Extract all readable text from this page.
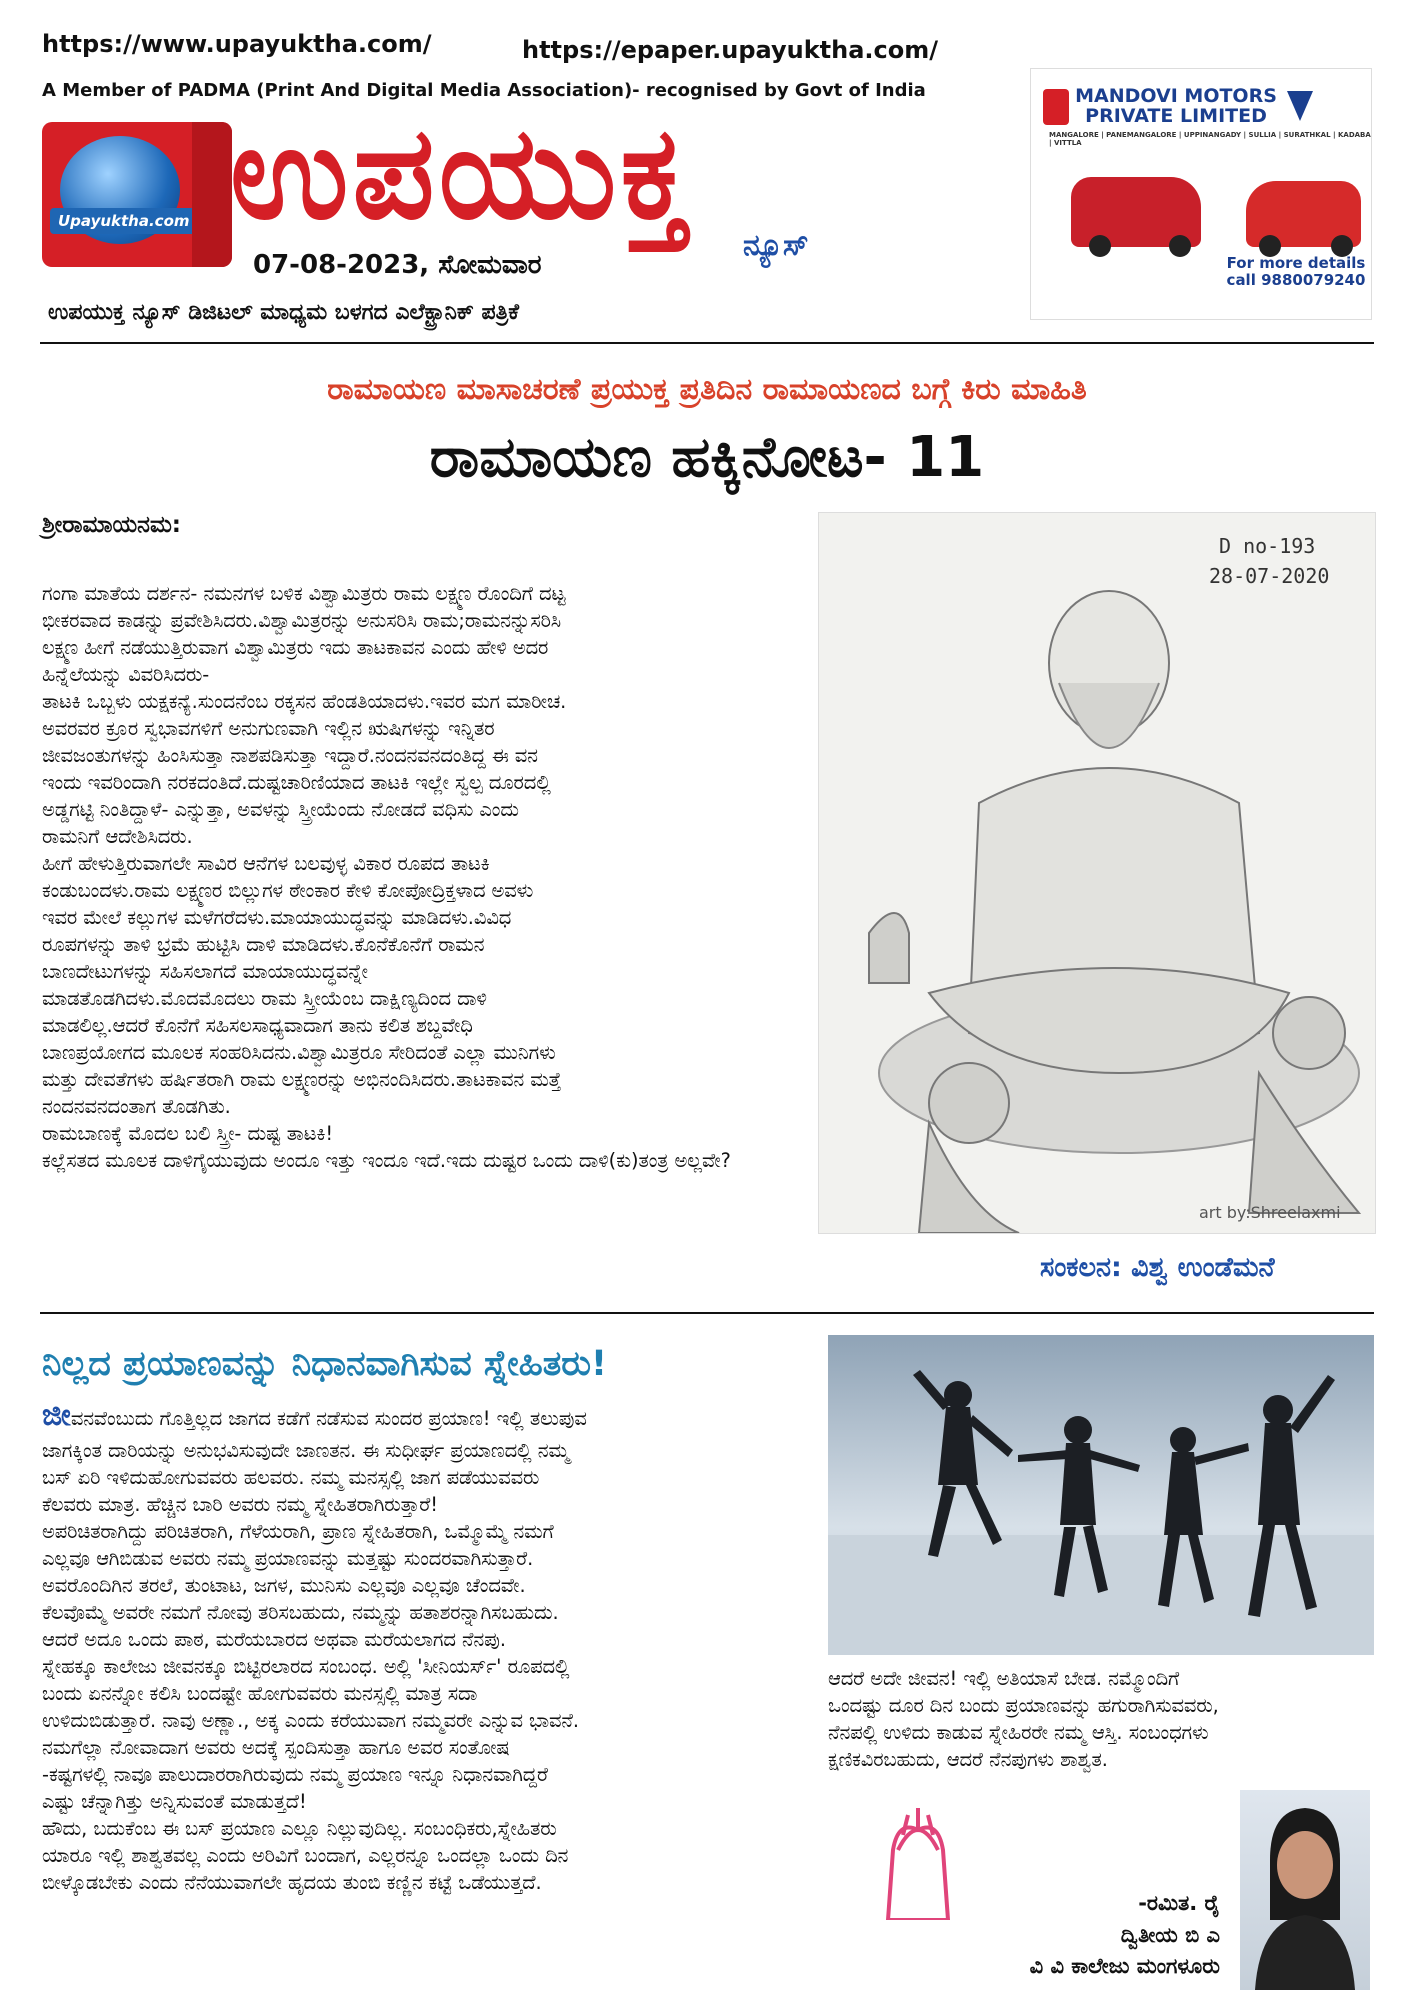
https://www.upayuktha.com/	https://epaper.upayuktha.com/
A Member of PADMA (Print And Digital Media Association)- recognised by Govt of India
Upayuktha.com ಉಪಯುಕ್ತ ನ್ಯೂಸ್
07-08-2023, ಸೋಮವಾರ
ಉಪಯುಕ್ತ ನ್ಯೂಸ್ ಡಿಜಿಟಲ್ ಮಾಧ್ಯಮ ಬಳಗದ ಎಲೆಕ್ಟ್ರಾನಿಕ್ ಪತ್ರಿಕೆ
MANDOVI MOTORS PRIVATE LIMITED
MANGALORE | PANEMANGALORE | UPPINANGADY | SULLIA | SURATHKAL | KADABA | VITTLA
For more details call 9880079240
ರಾಮಾಯಣ ಮಾಸಾಚರಣೆ ಪ್ರಯುಕ್ತ ಪ್ರತಿದಿನ ರಾಮಾಯಣದ ಬಗ್ಗೆ ಕಿರು ಮಾಹಿತಿ
ರಾಮಾಯಣ ಹಕ್ಕಿನೋಟ- 11
ಶ್ರೀರಾಮಾಯನಮ:

ಗಂಗಾ ಮಾತೆಯ ದರ್ಶನ- ನಮನಗಳ ಬಳಿಕ ವಿಶ್ವಾಮಿತ್ರರು ರಾಮ ಲಕ್ಷ್ಮಣ ರೊಂದಿಗೆ ದಟ್ಟ

ಭೀಕರವಾದ ಕಾಡನ್ನು ಪ್ರವೇಶಿಸಿದರು.ವಿಶ್ವಾಮಿತ್ರರನ್ನು ಅನುಸರಿಸಿ ರಾಮ;ರಾಮನನ್ನುಸರಿಸಿ

ಲಕ್ಷ್ಮಣ ಹೀಗೆ ನಡೆಯುತ್ತಿರುವಾಗ ವಿಶ್ವಾಮಿತ್ರರು ಇದು ತಾಟಕಾವನ ಎಂದು ಹೇಳಿ ಅದರ

ಹಿನ್ನೆಲೆಯನ್ನು ವಿವರಿಸಿದರು-

ತಾಟಕಿ ಒಬ್ಬಳು ಯಕ್ಷಕನ್ಯೆ.ಸುಂದನೆಂಬ ರಕ್ಕಸನ ಹೆಂಡತಿಯಾದಳು.ಇವರ ಮಗ ಮಾರೀಚ.

ಅವರವರ ಕ್ರೂರ ಸ್ವಭಾವಗಳಿಗೆ ಅನುಗುಣವಾಗಿ ಇಲ್ಲಿನ ಋಷಿಗಳನ್ನು ಇನ್ನಿತರ

ಜೀವಜಂತುಗಳನ್ನು ಹಿಂಸಿಸುತ್ತಾ ನಾಶಪಡಿಸುತ್ತಾ ಇದ್ದಾರೆ.ನಂದನವನದಂತಿದ್ದ ಈ ವನ

ಇಂದು ಇವರಿಂದಾಗಿ ನರಕದಂತಿದೆ.ದುಷ್ಟಚಾರಿಣಿಯಾದ ತಾಟಕಿ ಇಲ್ಲೇ ಸ್ವಲ್ಪ ದೂರದಲ್ಲಿ

ಅಡ್ಡಗಟ್ಟಿ ನಿಂತಿದ್ದಾಳೆ- ಎನ್ನುತ್ತಾ, ಅವಳನ್ನು ಸ್ತ್ರೀಯೆಂದು ನೋಡದೆ ವಧಿಸು ಎಂದು

ರಾಮನಿಗೆ ಆದೇಶಿಸಿದರು.

ಹೀಗೆ ಹೇಳುತ್ತಿರುವಾಗಲೇ ಸಾವಿರ ಆನೆಗಳ ಬಲವುಳ್ಳ ವಿಕಾರ ರೂಪದ ತಾಟಕಿ

ಕಂಡುಬಂದಳು.ರಾಮ ಲಕ್ಷ್ಮಣರ ಬಿಲ್ಲುಗಳ ಠೇಂಕಾರ ಕೇಳಿ ಕೋಪೋದ್ರಿಕ್ತಳಾದ ಅವಳು

ಇವರ ಮೇಲೆ ಕಲ್ಲುಗಳ ಮಳೆಗರೆದಳು.ಮಾಯಾಯುದ್ಧವನ್ನು ಮಾಡಿದಳು.ವಿವಿಧ

ರೂಪಗಳನ್ನು ತಾಳಿ ಭ್ರಮೆ ಹುಟ್ಟಿಸಿ ದಾಳಿ ಮಾಡಿದಳು.ಕೊನೆಕೊನೆಗೆ ರಾಮನ

ಬಾಣದೇಟುಗಳನ್ನು ಸಹಿಸಲಾಗದೆ ಮಾಯಾಯುದ್ಧವನ್ನೇ

ಮಾಡತೊಡಗಿದಳು.ಮೊದಮೊದಲು ರಾಮ ಸ್ತ್ರೀಯೆಂಬ ದಾಕ್ಷಿಣ್ಯದಿಂದ ದಾಳಿ

ಮಾಡಲಿಲ್ಲ.ಆದರೆ ಕೊನೆಗೆ ಸಹಿಸಲಸಾಧ್ಯವಾದಾಗ ತಾನು ಕಲಿತ ಶಬ್ದವೇಧಿ

ಬಾಣಪ್ರಯೋಗದ ಮೂಲಕ ಸಂಹರಿಸಿದನು.ವಿಶ್ವಾಮಿತ್ರರೂ ಸೇರಿದಂತೆ ಎಲ್ಲಾ ಮುನಿಗಳು

ಮತ್ತು ದೇವತೆಗಳು ಹರ್ಷಿತರಾಗಿ ರಾಮ ಲಕ್ಷ್ಮಣರನ್ನು ಅಭಿನಂದಿಸಿದರು.ತಾಟಕಾವನ ಮತ್ತೆ

ನಂದನವನದಂತಾಗ ತೊಡಗಿತು.

ರಾಮಬಾಣಕ್ಕೆ ಮೊದಲ ಬಲಿ ಸ್ತ್ರೀ- ದುಷ್ಟ ತಾಟಕಿ!

ಕಲ್ಲೆಸತದ ಮೂಲಕ ದಾಳಿಗೈಯುವುದು ಅಂದೂ ಇತ್ತು ಇಂದೂ ಇದೆ.ಇದು ದುಷ್ಟರ ಒಂದು ದಾಳಿ(ಕು)ತಂತ್ರ ಅಲ್ಲವೇ?

D no-193
28-07-2020
art by:Shreelaxmi
ಸಂಕಲನ: ವಿಶ್ವ ಉಂಡೆಮನೆ
ನಿಲ್ಲದ ಪ್ರಯಾಣವನ್ನು ನಿಧಾನವಾಗಿಸುವ ಸ್ನೇಹಿತರು!

ಜೀವನವೆಂಬುದು ಗೊತ್ತಿಲ್ಲದ ಜಾಗದ ಕಡೆಗೆ ನಡೆಸುವ ಸುಂದರ ಪ್ರಯಾಣ! ಇಲ್ಲಿ ತಲುಪುವ

ಜಾಗಕ್ಕಿಂತ ದಾರಿಯನ್ನು ಅನುಭವಿಸುವುದೇ ಜಾಣತನ. ಈ ಸುಧೀರ್ಘ ಪ್ರಯಾಣದಲ್ಲಿ ನಮ್ಮ

ಬಸ್ ಏರಿ ಇಳಿದುಹೋಗುವವರು ಹಲವರು. ನಮ್ಮ ಮನಸ್ಸಲ್ಲಿ ಜಾಗ ಪಡೆಯುವವರು

ಕೆಲವರು ಮಾತ್ರ. ಹೆಚ್ಚಿನ ಬಾರಿ ಅವರು ನಮ್ಮ ಸ್ನೇಹಿತರಾಗಿರುತ್ತಾರೆ!

ಅಪರಿಚಿತರಾಗಿದ್ದು ಪರಿಚಿತರಾಗಿ, ಗೆಳೆಯರಾಗಿ, ಪ್ರಾಣ ಸ್ನೇಹಿತರಾಗಿ, ಒಮ್ಮೊಮ್ಮೆ ನಮಗೆ

ಎಲ್ಲವೂ ಆಗಿಬಿಡುವ ಅವರು ನಮ್ಮ ಪ್ರಯಾಣವನ್ನು ಮತ್ತಷ್ಟು ಸುಂದರವಾಗಿಸುತ್ತಾರೆ.

ಅವರೊಂದಿಗಿನ ತರಲೆ, ತುಂಟಾಟ, ಜಗಳ, ಮುನಿಸು ಎಲ್ಲವೂ ಎಲ್ಲವೂ ಚೆಂದವೇ.

ಕೆಲವೊಮ್ಮೆ ಅವರೇ ನಮಗೆ ನೋವು ತರಿಸಬಹುದು, ನಮ್ಮನ್ನು ಹತಾಶರನ್ನಾಗಿಸಬಹುದು.

ಆದರೆ ಅದೂ ಒಂದು ಪಾಠ, ಮರೆಯಬಾರದ ಅಥವಾ ಮರೆಯಲಾಗದ ನೆನಪು.

ಸ್ನೇಹಕ್ಕೂ ಕಾಲೇಜು ಜೀವನಕ್ಕೂ ಬಿಟ್ಟಿರಲಾರದ ಸಂಬಂಧ. ಅಲ್ಲಿ 'ಸೀನಿಯರ್ಸ್' ರೂಪದಲ್ಲಿ

ಬಂದು ಏನನ್ನೋ ಕಲಿಸಿ ಬಂದಷ್ಟೇ ಹೋಗುವವರು ಮನಸ್ಸಲ್ಲಿ ಮಾತ್ರ ಸದಾ

ಉಳಿದುಬಿಡುತ್ತಾರೆ. ನಾವು ಅಣ್ಣಾ., ಅಕ್ಕ ಎಂದು ಕರೆಯುವಾಗ ನಮ್ಮವರೇ ಎನ್ನುವ ಭಾವನೆ.

ನಮಗೆಲ್ಲಾ ನೋವಾದಾಗ ಅವರು ಅದಕ್ಕೆ ಸ್ಪಂದಿಸುತ್ತಾ ಹಾಗೂ ಅವರ ಸಂತೋಷ

-ಕಷ್ಟಗಳಲ್ಲಿ ನಾವೂ ಪಾಲುದಾರರಾಗಿರುವುದು ನಮ್ಮ ಪ್ರಯಾಣ ಇನ್ನೂ ನಿಧಾನವಾಗಿದ್ದರೆ

ಎಷ್ಟು ಚೆನ್ನಾಗಿತ್ತು ಅನ್ನಿಸುವಂತೆ ಮಾಡುತ್ತದೆ!

ಹೌದು, ಬದುಕೆಂಬ ಈ ಬಸ್ ಪ್ರಯಾಣ ಎಲ್ಲೂ ನಿಲ್ಲುವುದಿಲ್ಲ. ಸಂಬಂಧಿಕರು,ಸ್ನೇಹಿತರು

ಯಾರೂ ಇಲ್ಲಿ ಶಾಶ್ವತವಲ್ಲ ಎಂದು ಅರಿವಿಗೆ ಬಂದಾಗ, ಎಲ್ಲರನ್ನೂ ಒಂದಲ್ಲಾ ಒಂದು ದಿನ

ಬೀಳ್ಕೊಡಬೇಕು ಎಂದು ನೆನೆಯುವಾಗಲೇ ಹೃದಯ ತುಂಬಿ ಕಣ್ಣಿನ ಕಟ್ಟೆ ಒಡೆಯುತ್ತದೆ.

ಆದರೆ ಅದೇ ಜೀವನ! ಇಲ್ಲಿ ಅತಿಯಾಸೆ ಬೇಡ. ನಮ್ಮೊಂದಿಗೆ
ಒಂದಷ್ಟು ದೂರ ದಿನ ಬಂದು ಪ್ರಯಾಣವನ್ನು ಹಗುರಾಗಿಸುವವರು,
ನೆನಪಲ್ಲಿ ಉಳಿದು ಕಾಡುವ ಸ್ನೇಹಿರರೇ ನಮ್ಮ ಆಸ್ತಿ. ಸಂಬಂಧಗಳು
ಕ್ಷಣಿಕವಿರಬಹುದು, ಆದರೆ ನೆನಪುಗಳು ಶಾಶ್ವತ.
-ರಮಿತ. ರೈ
ದ್ವಿತೀಯ ಬಿ ಎ
ವಿ ವಿ ಕಾಲೇಜು ಮಂಗಳೂರು
